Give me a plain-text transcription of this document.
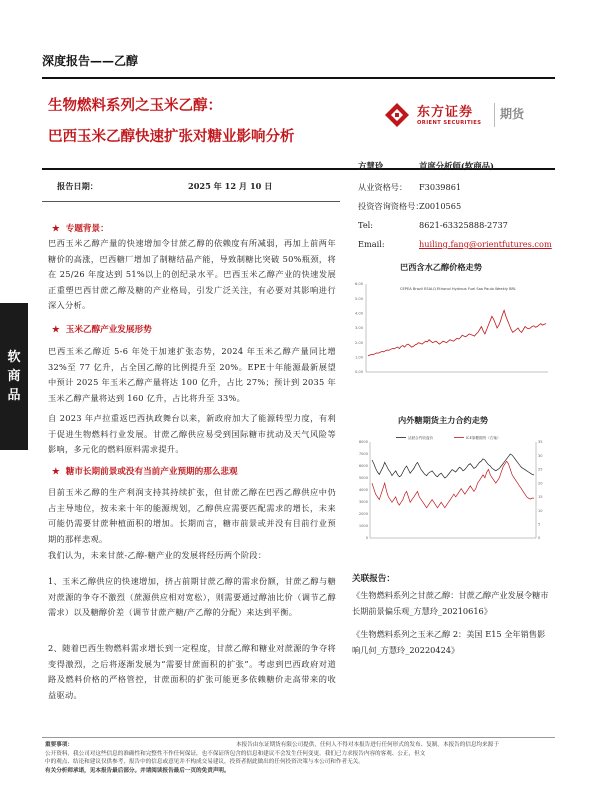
深度报告——乙醇
生物燃料系列之玉米乙醇：
巴西玉米乙醇快速扩张对糖业影响分析
东方证券
ORIENT SECURITIES
期货
报告日期：	2025 年 12 月 10 日
软
商
品
★ 专题背景：
巴西玉米乙醇产量的快速增加令甘蔗乙醇的依赖度有所减弱，再加上前两年糖价的高涨，巴西糖厂增加了制糖结晶产能，导致制糖比突破 50%瓶颈，将在 25/26 年度达到 51%以上的创纪录水平。巴西玉米乙醇产业的快速发展正重塑巴西甘蔗乙醇及糖的产业格局，引发广泛关注，有必要对其影响进行深入分析。
★ 玉米乙醇产业发展形势
巴西玉米乙醇近 5-6 年处于加速扩张态势，2024 年玉米乙醇产量同比增 32%至 77 亿升，占全国乙醇的比例提升至 20%。EPE十年能源最新展望中预计 2025 年玉米乙醇产量将达 100 亿升，占比 27%；预计到 2035 年玉米乙醇产量将达到 160 亿升，占比将升至 33%。
自 2023 年卢拉重返巴西执政舞台以来，新政府加大了能源转型力度，有利于促进生物燃料行业发展。甘蔗乙醇供应易受到国际糖市扰动及天气风险等影响，多元化的燃料原料需求提升。
★ 糖市长期前景或没有当前产业预期的那么悲观
目前玉米乙醇的生产利润支持其持续扩张，但甘蔗乙醇在巴西乙醇供应中仍占主导地位，按未来十年的能源规划，乙醇供应需要匹配需求的增长，未来可能仍需要甘蔗种植面积的增加。长期而言，糖市前景或并没有目前行业预期的那样悲观。
我们认为，未来甘蔗-乙醇-糖产业的发展将经历两个阶段：
1、玉米乙醇供应的快速增加，挤占前期甘蔗乙醇的需求份额，甘蔗乙醇与糖对蔗源的争夺不激烈（蔗源供应相对宽松），则需要通过醇油比价（调节乙醇需求）以及糖醇价差（调节甘蔗产糖/产乙醇的分配）来达到平衡。
2、随着巴西生物燃料需求增长到一定程度，甘蔗乙醇和糖业对蔗源的争夺将变得激烈，之后将逐渐发展为“需要甘蔗面积的扩张”。考虑到巴西政府对道路及燃料价格的严格管控，甘蔗面积的扩张可能更多依赖糖价走高带来的收益驱动。
方慧玲	首席分析师(软商品)
从业资格号： F3039861
投资咨询资格号：
Z0010565
Tel:	8621-63325888-2737
Email:	huiling.fang@orientfutures.com
巴西含水乙醇价格走势
CEPEA Brazil ESALQ Ethanol Hydrous Fuel Sao Paulo Weekly BRL
0.00
1.00
2.00
3.00
4.00
5.00
6.00
内外糖期货主力合约走势
活跃合约收盘价	ICE原糖期货（右轴）
0
1000
2000
3000
4000
5000
6000
7000
8000
0
5
10
15
20
25
30
35
关联报告：
《生物燃料系列之甘蔗乙醇：甘蔗乙醇产业发展令糖市长期前景偏乐观_方慧玲_20210616》
《生物燃料系列之玉米乙醇 2：美国 E15 全年销售影响几何_方慧玲_20220424》
重要事项：	本报告由东证期货有限公司提供，任何人不得对本报告进行任何形式的发布、复制。本报告的信息均来源于
公开资料，我公司对这些信息的准确性和完整性不作任何保证，也不保证所包含的信息和建议不会发生任何变更。我们已力求报告内容的客观、公正，但文
中的观点、结论和建议仅供参考，报告中的信息或意见并不构成交易建议，投资者据此做出的任何投资决策与本公司和作者无关。
有关分析师承诺，见本报告最后部分。并请阅读报告最后一页的免责声明。
